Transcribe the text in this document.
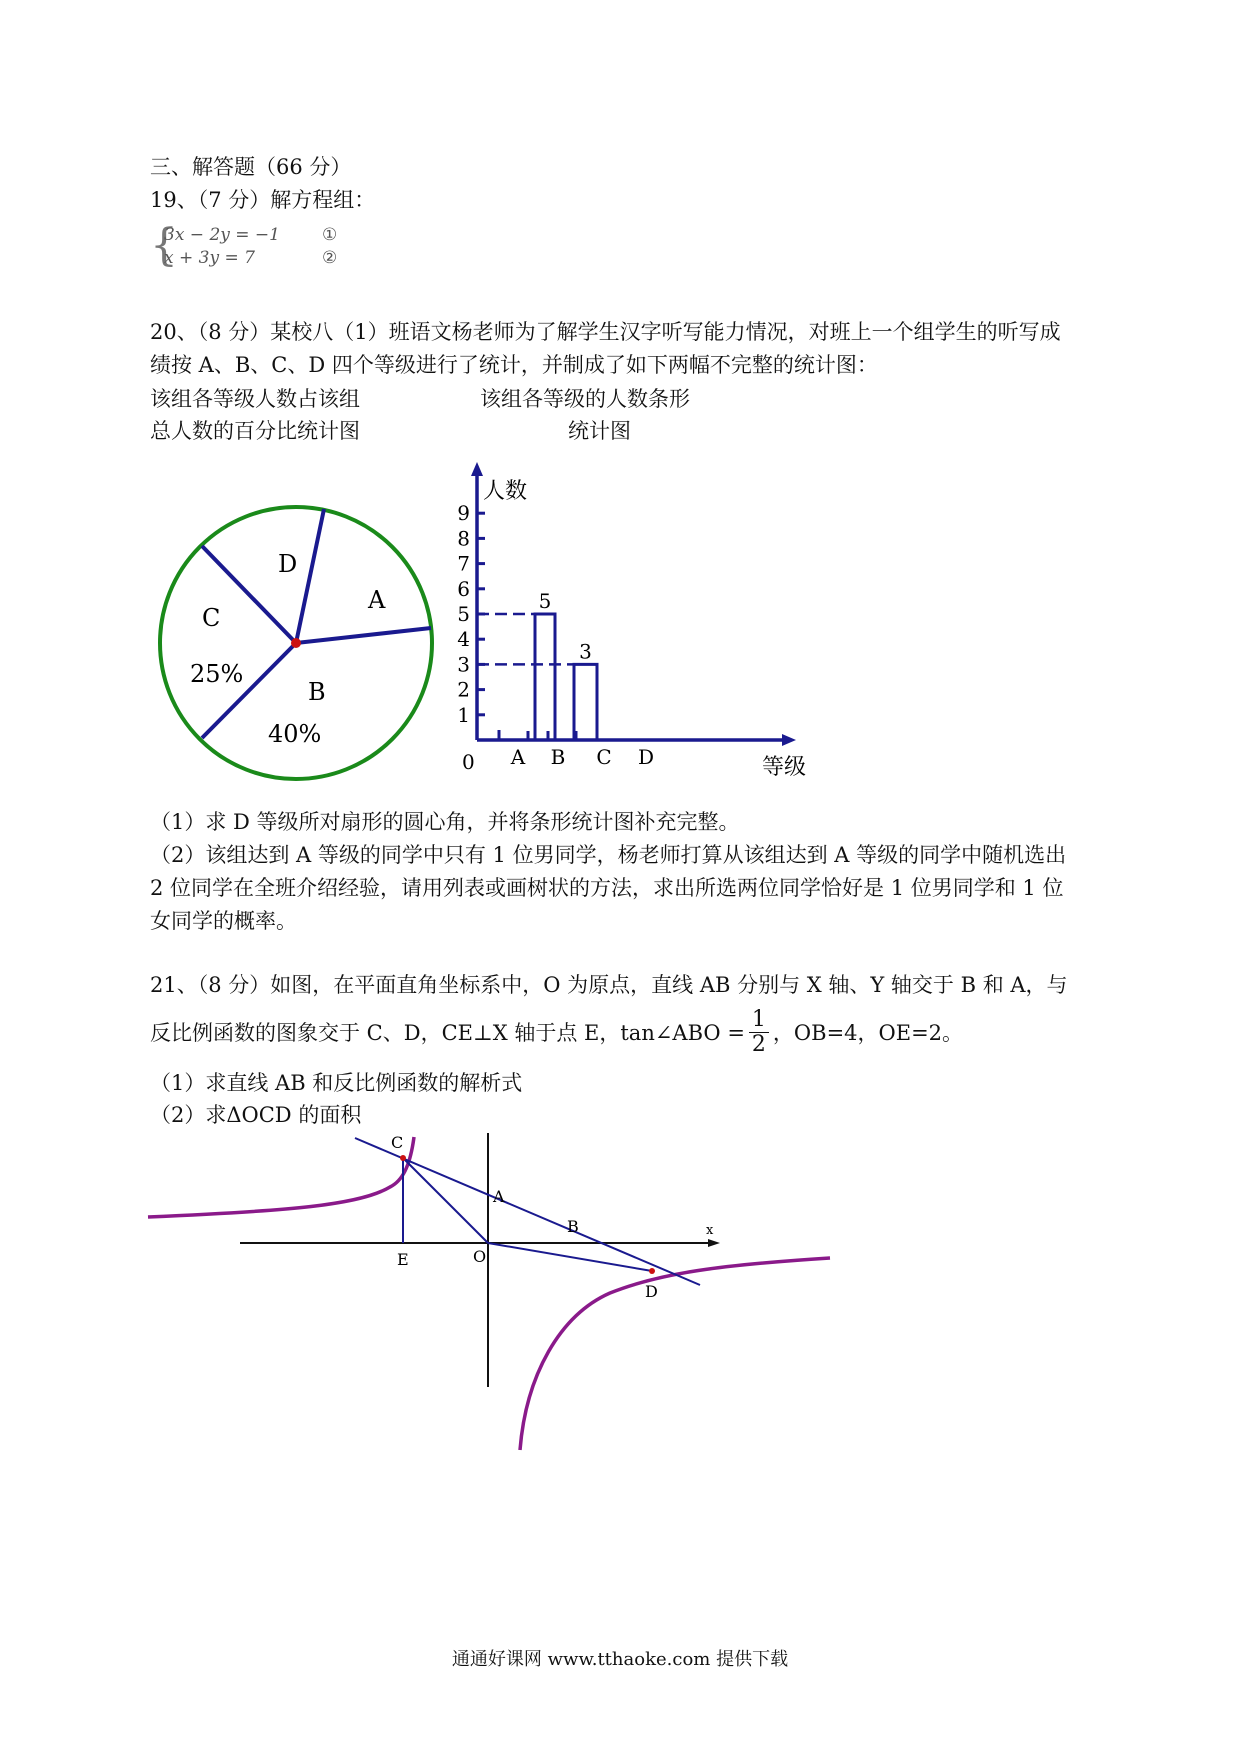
三、解答题（66 分）
19、（7 分）解方程组：
{
3x − 2y = −1 ①
x + 3y = 7	②
20、（8 分）某校八（1）班语文杨老师为了解学生汉字听写能力情况，对班上一个组学生的听写成
绩按 A、B、C、D 四个等级进行了统计，并制成了如下两幅不完整的统计图：
该组各等级人数占该组
总人数的百分比统计图
该组各等级的人数条形
统计图
D
A
C
25%
B
40%
人数
等级
0
1
2
3
4
5
6
7
8
9
A B C D
5
3
（1）求 D 等级所对扇形的圆心角，并将条形统计图补充完整。
（2）该组达到 A 等级的同学中只有 1 位男同学，杨老师打算从该组达到 A 等级的同学中随机选出
2 位同学在全班介绍经验，请用列表或画树状的方法，求出所选两位同学恰好是 1 位男同学和 1 位
女同学的概率。
21、（8 分）如图，在平面直角坐标系中，O 为原点，直线 AB 分别与 X 轴、Y 轴交于 B 和 A，与
反比例函数的图象交于 C、D，CE⊥X 轴于点 E，tan∠ABO = $\frac{1}{2}$ ，OB=4，OE=2。
（1）求直线 AB 和反比例函数的解析式
（2）求ΔOCD 的面积
C
A
B
E	O
D
x
通通好课网 www.tthaoke.com 提供下载
